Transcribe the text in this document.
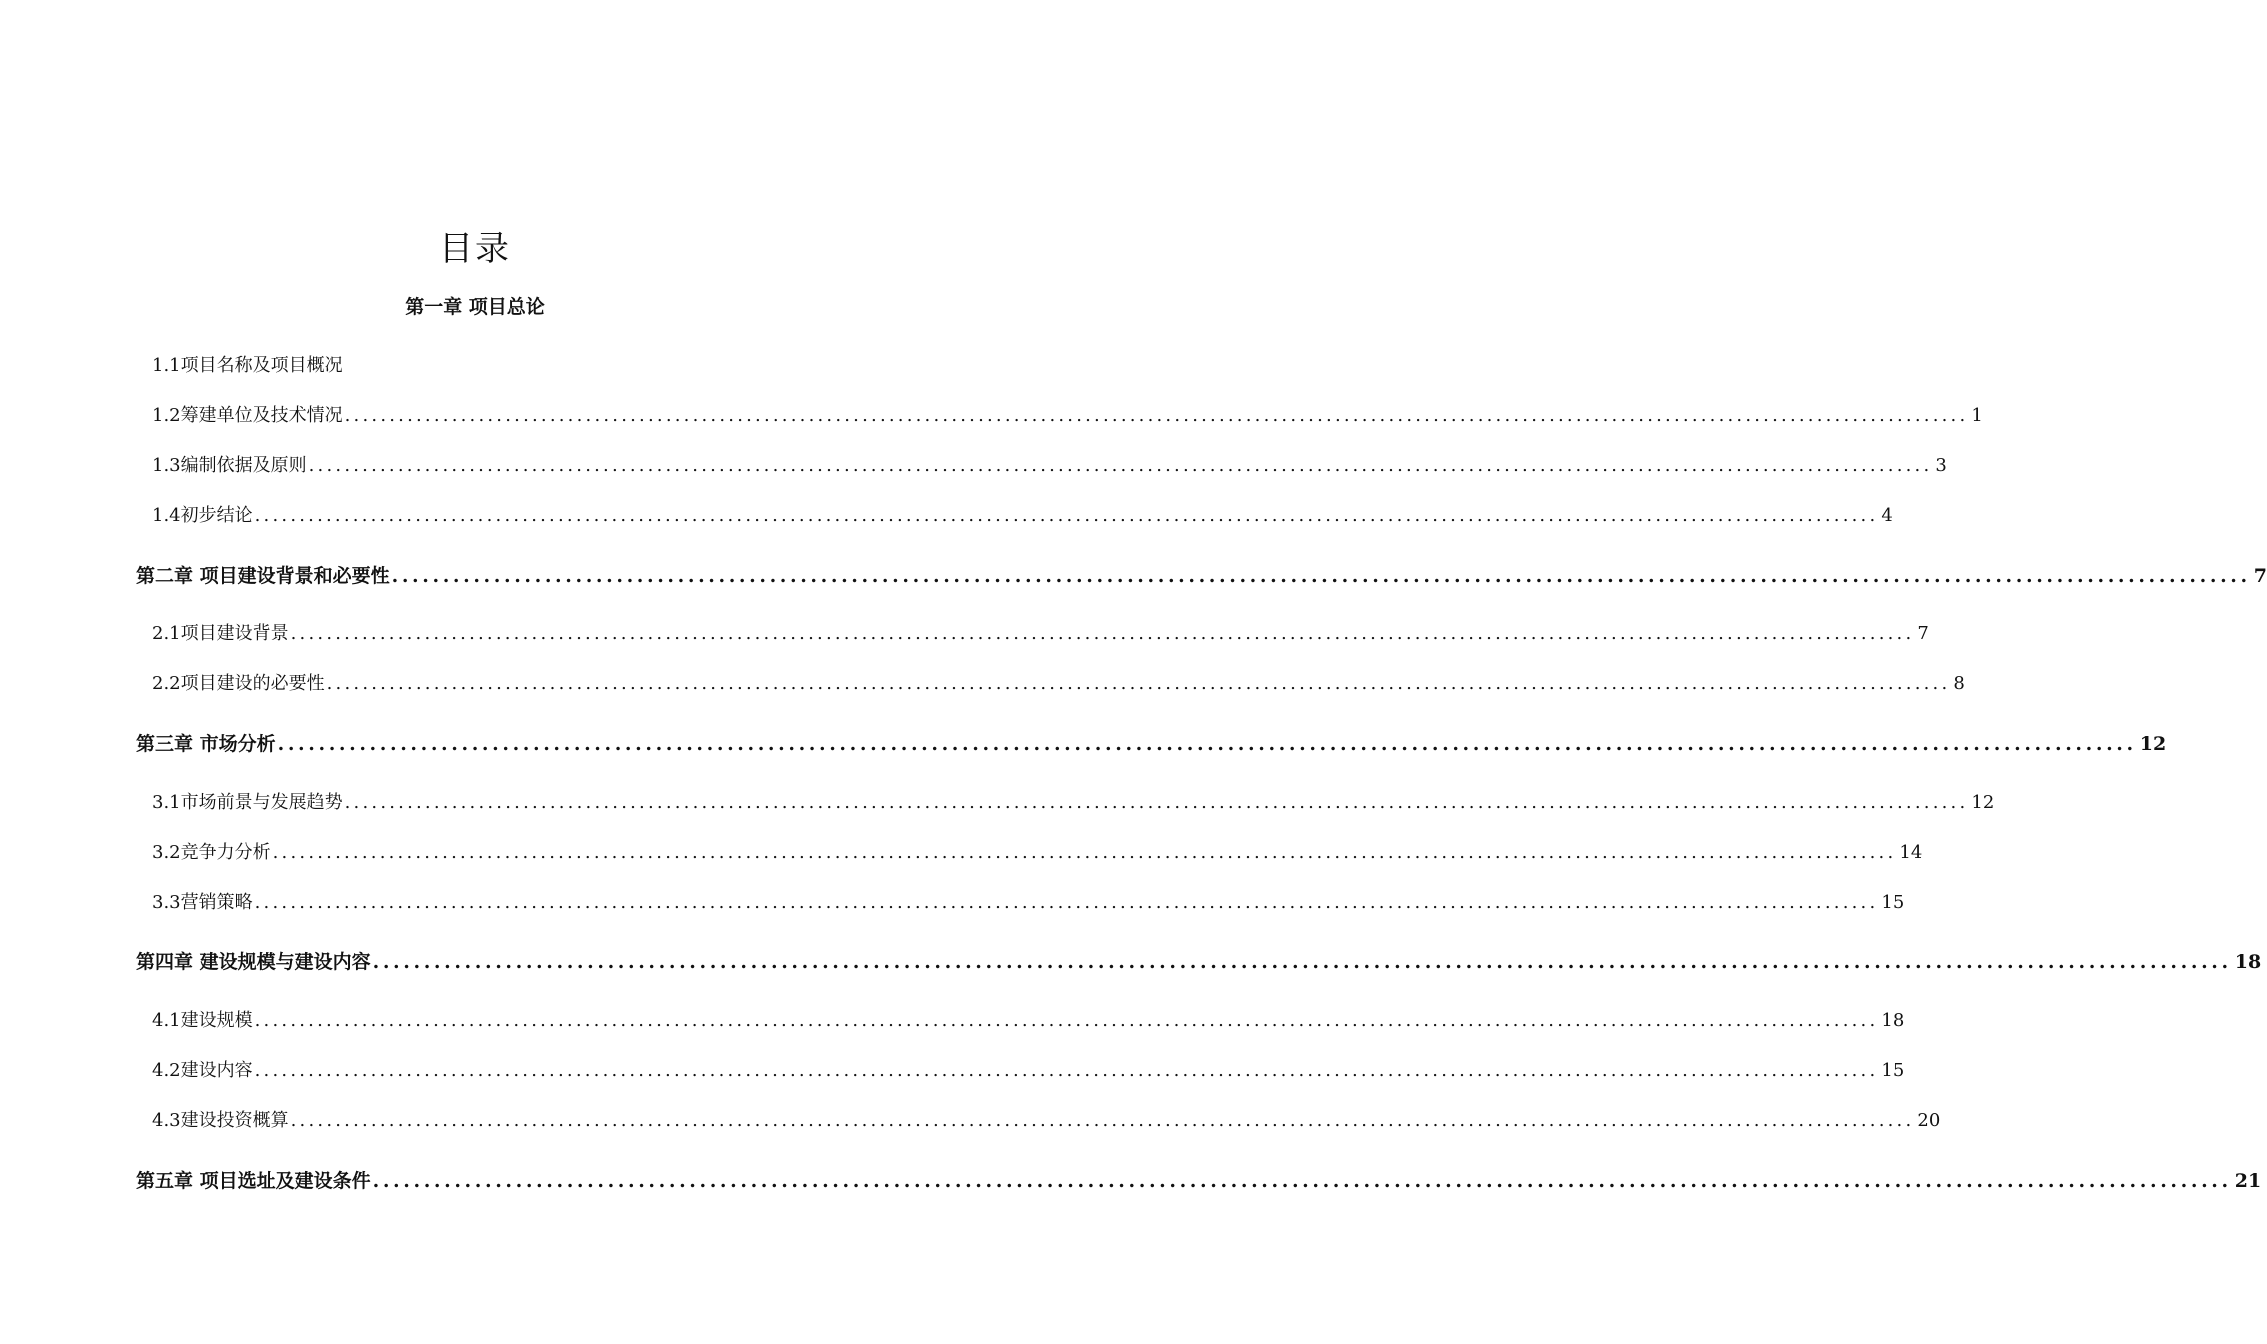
目录
第一章 项目总论
1.1项目名称及项目概况
1.2筹建单位及技术情况 ...................................................................................................................................................................................... 1
1.3编制依据及原则 ...................................................................................................................................................................................... 3
1.4初步结论 ...................................................................................................................................................................................... 4
第二章 项目建设背景和必要性 ...................................................................................................................................................................................... 7
2.1项目建设背景 ...................................................................................................................................................................................... 7
2.2项目建设的必要性 ...................................................................................................................................................................................... 8
第三章 市场分析 ...................................................................................................................................................................................... 12
3.1市场前景与发展趋势 ...................................................................................................................................................................................... 12
3.2竞争力分析 ...................................................................................................................................................................................... 14
3.3营销策略 ...................................................................................................................................................................................... 15
第四章 建设规模与建设内容 ...................................................................................................................................................................................... 18
4.1建设规模 ...................................................................................................................................................................................... 18
4.2建设内容 ...................................................................................................................................................................................... 15
4.3建设投资概算 ...................................................................................................................................................................................... 20
第五章 项目选址及建设条件 ...................................................................................................................................................................................... 21
